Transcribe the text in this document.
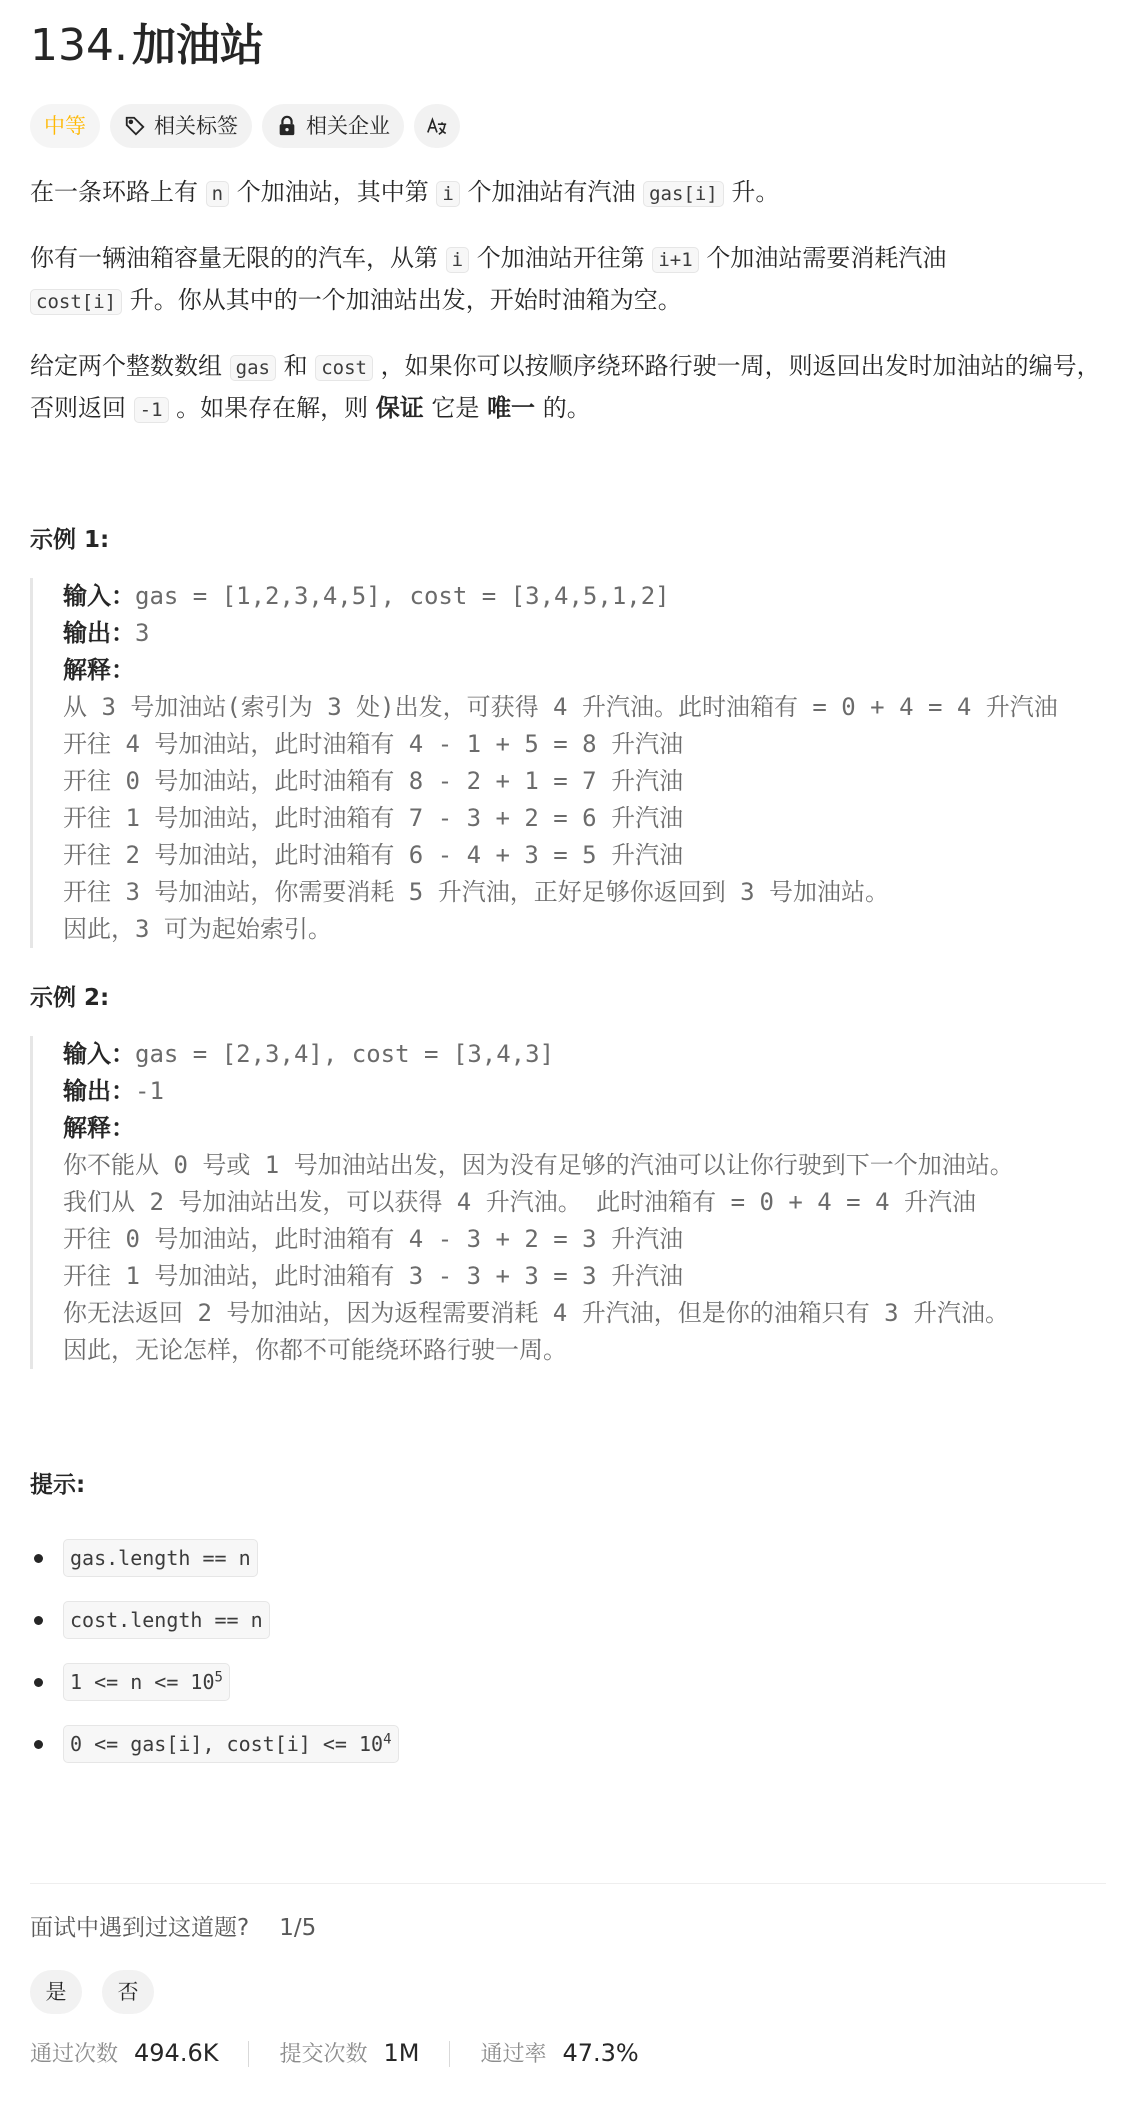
134. 加油站
中等	相关标签	相关企业

在一条环路上有 n 个加油站，其中第 i 个加油站有汽油 gas[i] 升。

你有一辆油箱容量无限的的汽车，从第 i 个加油站开往第 i+1 个加油站需要消耗汽油 cost[i] 升。你从其中的一个加油站出发，开始时油箱为空。

给定两个整数数组 gas 和 cost ，如果你可以按顺序绕环路行驶一周，则返回出发时加油站的编号，否则返回 -1 。如果存在解，则 保证 它是 唯一 的。

示例 1:
输入：gas = [1,2,3,4,5], cost = [3,4,5,1,2]
输出：3
解释：
从 3 号加油站(索引为 3 处)出发，可获得 4 升汽油。此时油箱有 = 0 + 4 = 4 升汽油
开往 4 号加油站，此时油箱有 4 - 1 + 5 = 8 升汽油
开往 0 号加油站，此时油箱有 8 - 2 + 1 = 7 升汽油
开往 1 号加油站，此时油箱有 7 - 3 + 2 = 6 升汽油
开往 2 号加油站，此时油箱有 6 - 4 + 3 = 5 升汽油
开往 3 号加油站，你需要消耗 5 升汽油，正好足够你返回到 3 号加油站。
因此，3 可为起始索引。
示例 2:
输入：gas = [2,3,4], cost = [3,4,3]
输出：-1
解释：
你不能从 0 号或 1 号加油站出发，因为没有足够的汽油可以让你行驶到下一个加油站。
我们从 2 号加油站出发，可以获得 4 升汽油。 此时油箱有 = 0 + 4 = 4 升汽油
开往 0 号加油站，此时油箱有 4 - 3 + 2 = 3 升汽油
开往 1 号加油站，此时油箱有 3 - 3 + 3 = 3 升汽油
你无法返回 2 号加油站，因为返程需要消耗 4 升汽油，但是你的油箱只有 3 升汽油。
因此，无论怎样，你都不可能绕环路行驶一周。
提示:
gas.length == n
cost.length == n
$1 <= n <= 10^5$
0 <= gas[i], $\cos t[i] <= 10^4$
面试中遇到过这道题? 1/5
是	否
通过次数 494.6K	提交次数 1M	通过率 47.3%
